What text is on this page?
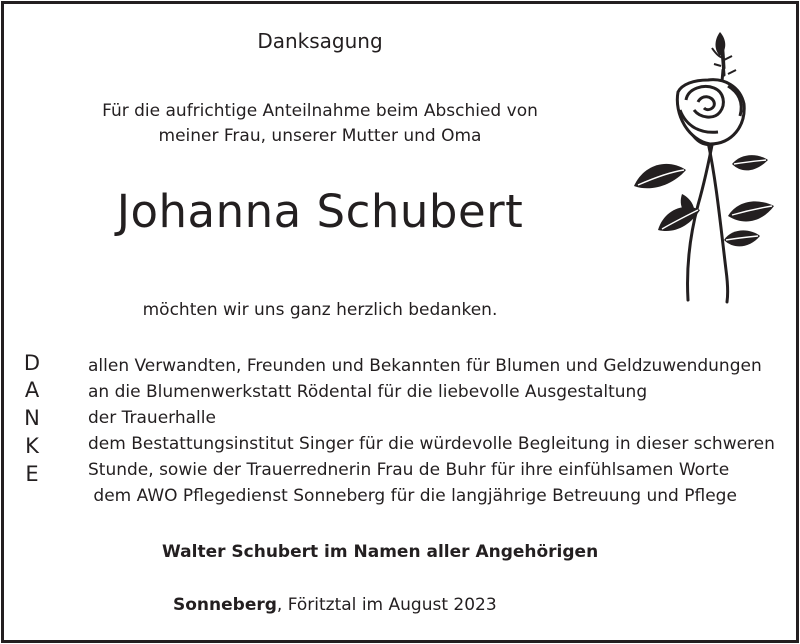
Danksagung
Für die aufrichtige Anteilnahme beim Abschied von
meiner Frau, unserer Mutter und Oma
Johanna Schubert
möchten wir uns ganz herzlich bedanken.
D
A
N
K
E
allen Verwandten, Freunden und Bekannten für Blumen und Geldzuwendungen
an die Blumenwerkstatt Rödental für die liebevolle Ausgestaltung
der Trauerhalle
dem Bestattungsinstitut Singer für die würdevolle Begleitung in dieser schweren
Stunde, sowie der Trauerrednerin Frau de Buhr für ihre einfühlsamen Worte
dem AWO Pflegedienst Sonneberg für die langjährige Betreuung und Pflege
Walter Schubert im Namen aller Angehörigen
Sonneberg, Föritztal im August 2023
